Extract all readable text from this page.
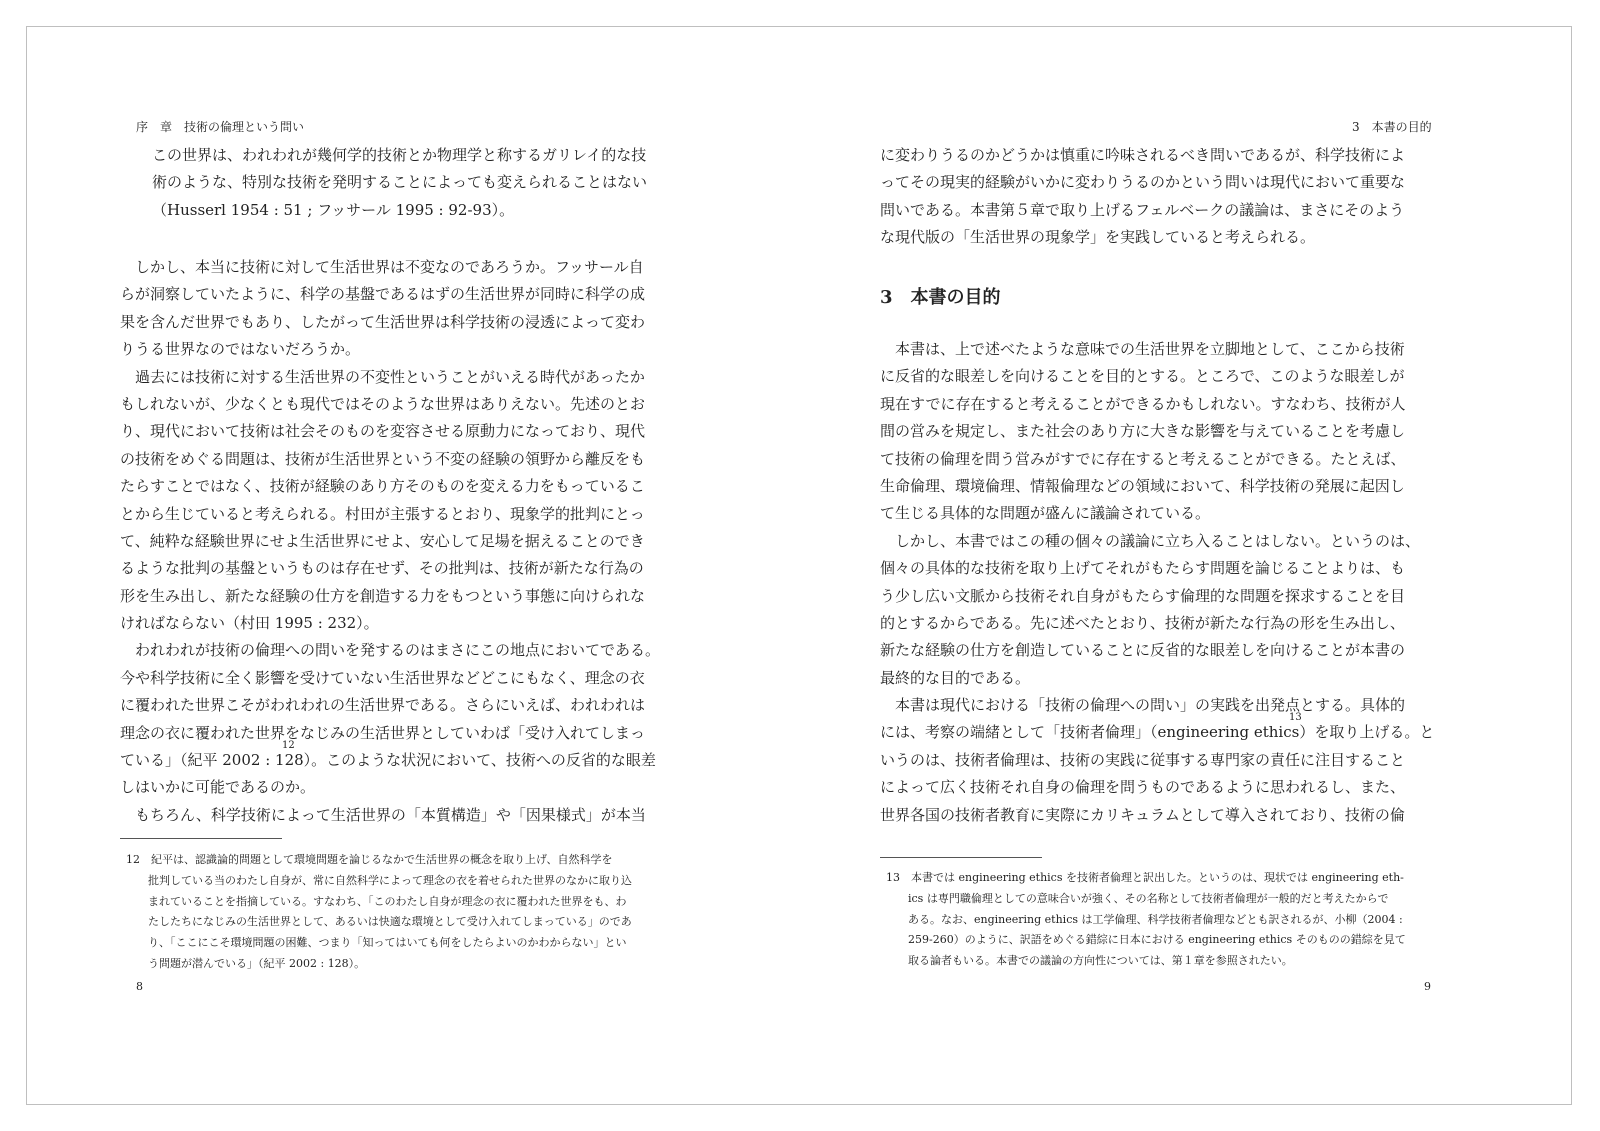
序　章　技術の倫理という問い
この世界は、われわれが幾何学的技術とか物理学と称するガリレイ的な技
術のような、特別な技術を発明することによっても変えられることはない
（Husserl 1954 : 51 ; フッサール 1995 : 92‐93）。
　しかし、本当に技術に対して生活世界は不変なのであろうか。フッサール自
らが洞察していたように、科学の基盤であるはずの生活世界が同時に科学の成
果を含んだ世界でもあり、したがって生活世界は科学技術の浸透によって変わ
りうる世界なのではないだろうか。
　過去には技術に対する生活世界の不変性ということがいえる時代があったか
もしれないが、少なくとも現代ではそのような世界はありえない。先述のとお
り、現代において技術は社会そのものを変容させる原動力になっており、現代
の技術をめぐる問題は、技術が生活世界という不変の経験の領野から離反をも
たらすことではなく、技術が経験のあり方そのものを変える力をもっているこ
とから生じていると考えられる。村田が主張するとおり、現象学的批判にとっ
て、純粋な経験世界にせよ生活世界にせよ、安心して足場を据えることのでき
るような批判の基盤というものは存在せず、その批判は、技術が新たな行為の
形を生み出し、新たな経験の仕方を創造する力をもつという事態に向けられな
ければならない（村田 1995 : 232）。
　われわれが技術の倫理への問いを発するのはまさにこの地点においてである。
今や科学技術に全く影響を受けていない生活世界などどこにもなく、理念の衣
に覆われた世界こそがわれわれの生活世界である。さらにいえば、われわれは
理念の衣に覆われた世界をなじみの生活世界としていわば「受け入れてしまっ
ている」（紀平 2002 : 128）。このような状況において、技術への反省的な眼差
しはいかに可能であるのか。
　もちろん、科学技術によって生活世界の「本質構造」や「因果様式」が本当
12
12　紀平は、認識論的問題として環境問題を論じるなかで生活世界の概念を取り上げ、自然科学を
　　批判している当のわたし自身が、常に自然科学によって理念の衣を着せられた世界のなかに取り込
　　まれていることを指摘している。すなわち、「このわたし自身が理念の衣に覆われた世界をも、わ
　　たしたちになじみの生活世界として、あるいは快適な環境として受け入れてしまっている」のであ
　　り、「ここにこそ環境問題の困難、つまり「知ってはいても何をしたらよいのかわからない」とい
　　う問題が潜んでいる」（紀平 2002 : 128）。
8
3　本書の目的
に変わりうるのかどうかは慎重に吟味されるべき問いであるが、科学技術によ
ってその現実的経験がいかに変わりうるのかという問いは現代において重要な
問いである。本書第５章で取り上げるフェルベークの議論は、まさにそのよう
な現代版の「生活世界の現象学」を実践していると考えられる。
3　本書の目的
　本書は、上で述べたような意味での生活世界を立脚地として、ここから技術
に反省的な眼差しを向けることを目的とする。ところで、このような眼差しが
現在すでに存在すると考えることができるかもしれない。すなわち、技術が人
間の営みを規定し、また社会のあり方に大きな影響を与えていることを考慮し
て技術の倫理を問う営みがすでに存在すると考えることができる。たとえば、
生命倫理、環境倫理、情報倫理などの領域において、科学技術の発展に起因し
て生じる具体的な問題が盛んに議論されている。
　しかし、本書ではこの種の個々の議論に立ち入ることはしない。というのは、
個々の具体的な技術を取り上げてそれがもたらす問題を論じることよりは、も
う少し広い文脈から技術それ自身がもたらす倫理的な問題を探求することを目
的とするからである。先に述べたとおり、技術が新たな行為の形を生み出し、
新たな経験の仕方を創造していることに反省的な眼差しを向けることが本書の
最終的な目的である。
　本書は現代における「技術の倫理への問い」の実践を出発点とする。具体的
には、考察の端緒として「技術者倫理」（engineering ethics）を取り上げる。と
いうのは、技術者倫理は、技術の実践に従事する専門家の責任に注目すること
によって広く技術それ自身の倫理を問うものであるように思われるし、また、
世界各国の技術者教育に実際にカリキュラムとして導入されており、技術の倫
13
13　本書では engineering ethics を技術者倫理と訳出した。というのは、現状では engineering eth-
　　ics は専門職倫理としての意味合いが強く、その名称として技術者倫理が一般的だと考えたからで
　　ある。なお、engineering ethics は工学倫理、科学技術者倫理などとも訳されるが、小柳（2004 :
　　259‐260）のように、訳語をめぐる錯綜に日本における engineering ethics そのものの錯綜を見て
　　取る論者もいる。本書での議論の方向性については、第１章を参照されたい。
9
